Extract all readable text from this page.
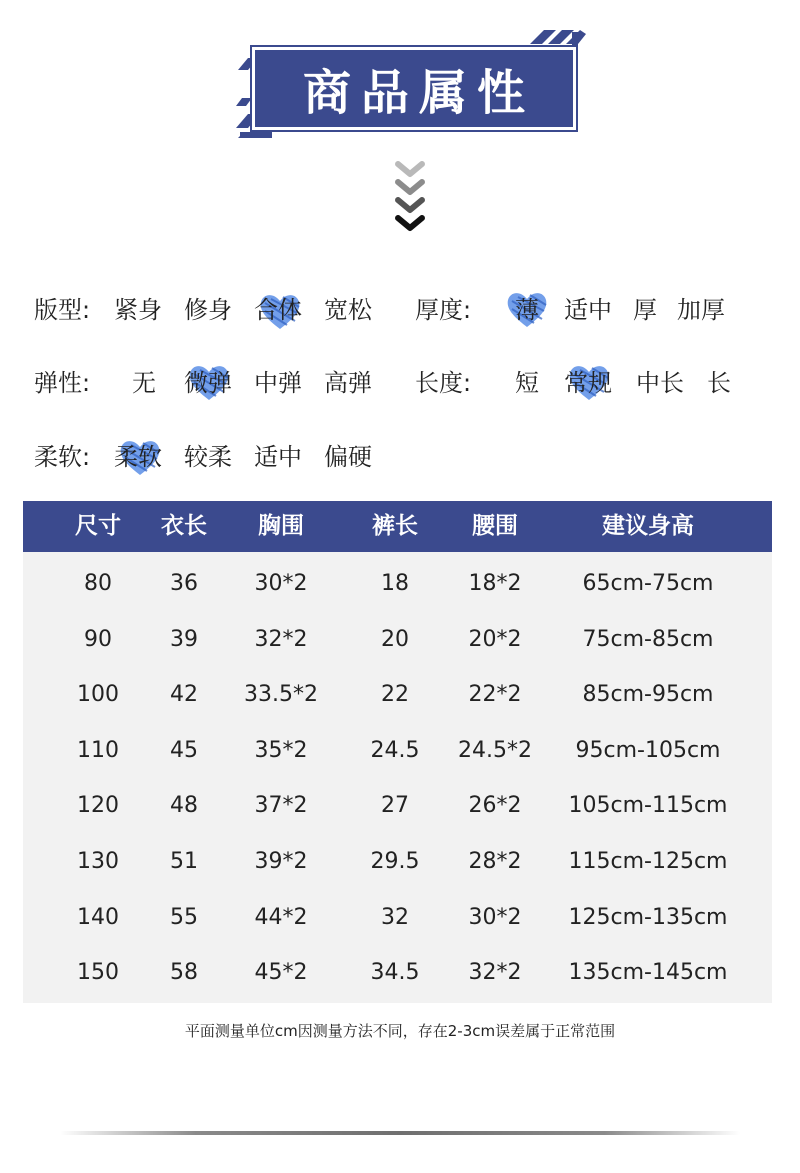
商品属性
版型: 紧身 修身 合体 宽松 厚度: 薄 适中 厚 加厚
弹性: 无 微弹 中弹 高弹 长度: 短 常规 中长 长
柔软: 柔软 较柔 适中 偏硬
尺寸	衣长	胸围	裤长	腰围	建议身高
80	36	30*2	18	18*2	65cm-75cm
90	39	32*2	20	20*2	75cm-85cm
100	42	33.5*2	22	22*2	85cm-95cm
110	45	35*2	24.5	24.5*2	95cm-105cm
120	48	37*2	27	26*2	105cm-115cm
130	51	39*2	29.5	28*2	115cm-125cm
140	55	44*2	32	30*2	125cm-135cm
150	58	45*2	34.5	32*2	135cm-145cm
平面测量单位cm因测量方法不同，存在2-3cm误差属于正常范围
